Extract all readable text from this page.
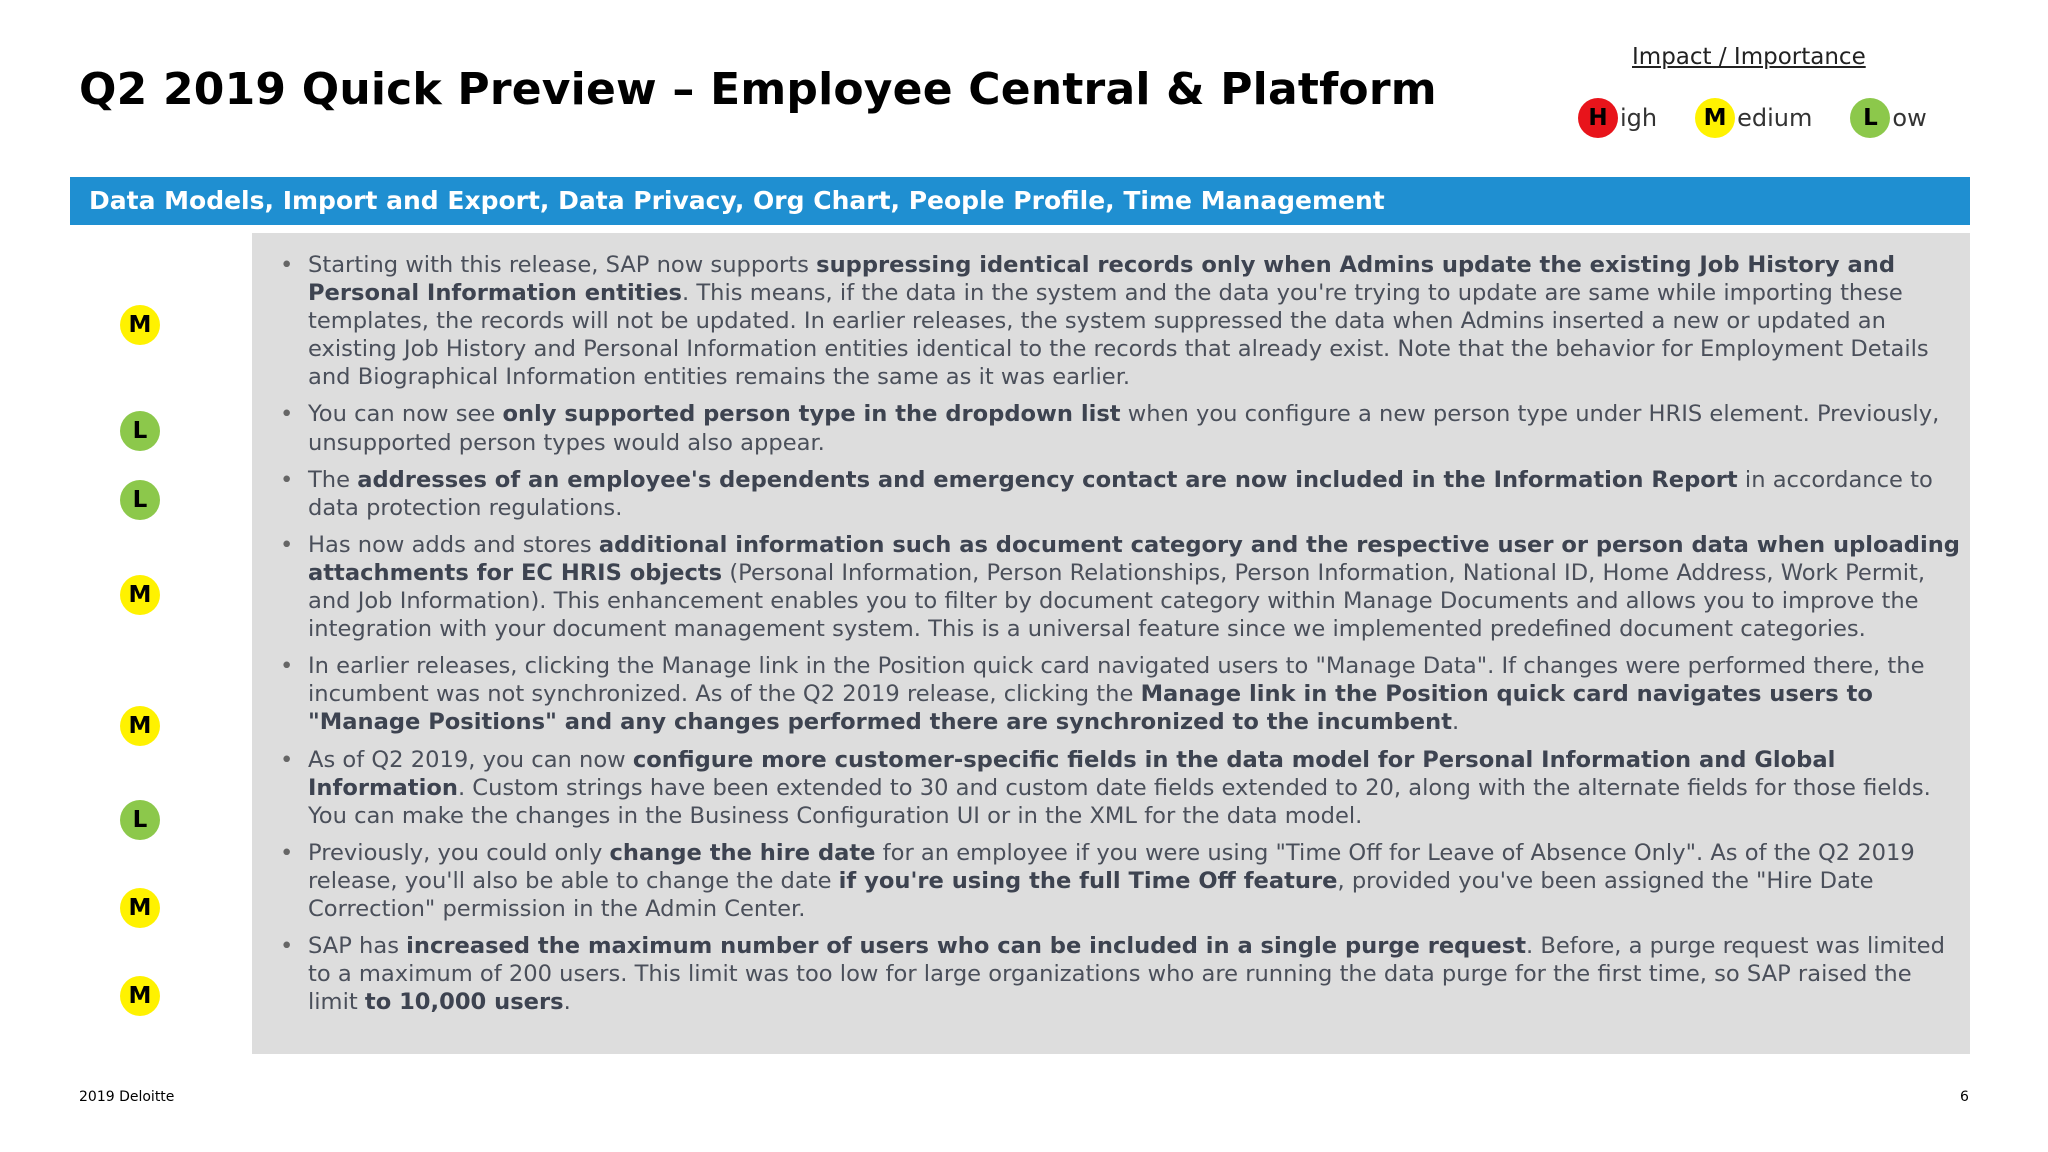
Q2 2019 Quick Preview – Employee Central & Platform
Impact / Importance
H igh	M edium	L ow
Data Models, Import and Export, Data Privacy, Org Chart, People Profile, Time Management
M
L
L
M
M
L
M
M
• Starting with this release, SAP now supports suppressing identical records only when Admins update the existing Job History and Personal Information entities. This means, if the data in the system and the data you're trying to update are same while importing these templates, the records will not be updated. In earlier releases, the system suppressed the data when Admins inserted a new or updated an existing Job History and Personal Information entities identical to the records that already exist. Note that the behavior for Employment Details and Biographical Information entities remains the same as it was earlier.
• You can now see only supported person type in the dropdown list when you configure a new person type under HRIS element. Previously, unsupported person types would also appear.
• The addresses of an employee's dependents and emergency contact are now included in the Information Report in accordance to data protection regulations.
• Has now adds and stores additional information such as document category and the respective user or person data when uploading attachments for EC HRIS objects (Personal Information, Person Relationships, Person Information, National ID, Home Address, Work Permit, and Job Information). This enhancement enables you to filter by document category within Manage Documents and allows you to improve the integration with your document management system. This is a universal feature since we implemented predefined document categories.
• In earlier releases, clicking the Manage link in the Position quick card navigated users to "Manage Data". If changes were performed there, the incumbent was not synchronized. As of the Q2 2019 release, clicking the Manage link in the Position quick card navigates users to "Manage Positions" and any changes performed there are synchronized to the incumbent.
• As of Q2 2019, you can now configure more customer-specific fields in the data model for Personal Information and Global Information. Custom strings have been extended to 30 and custom date fields extended to 20, along with the alternate fields for those fields. You can make the changes in the Business Configuration UI or in the XML for the data model.
• Previously, you could only change the hire date for an employee if you were using "Time Off for Leave of Absence Only". As of the Q2 2019 release, you'll also be able to change the date if you're using the full Time Off feature, provided you've been assigned the "Hire Date Correction" permission in the Admin Center.
• SAP has increased the maximum number of users who can be included in a single purge request. Before, a purge request was limited to a maximum of 200 users. This limit was too low for large organizations who are running the data purge for the first time, so SAP raised the limit to 10,000 users.
2019 Deloitte	6
